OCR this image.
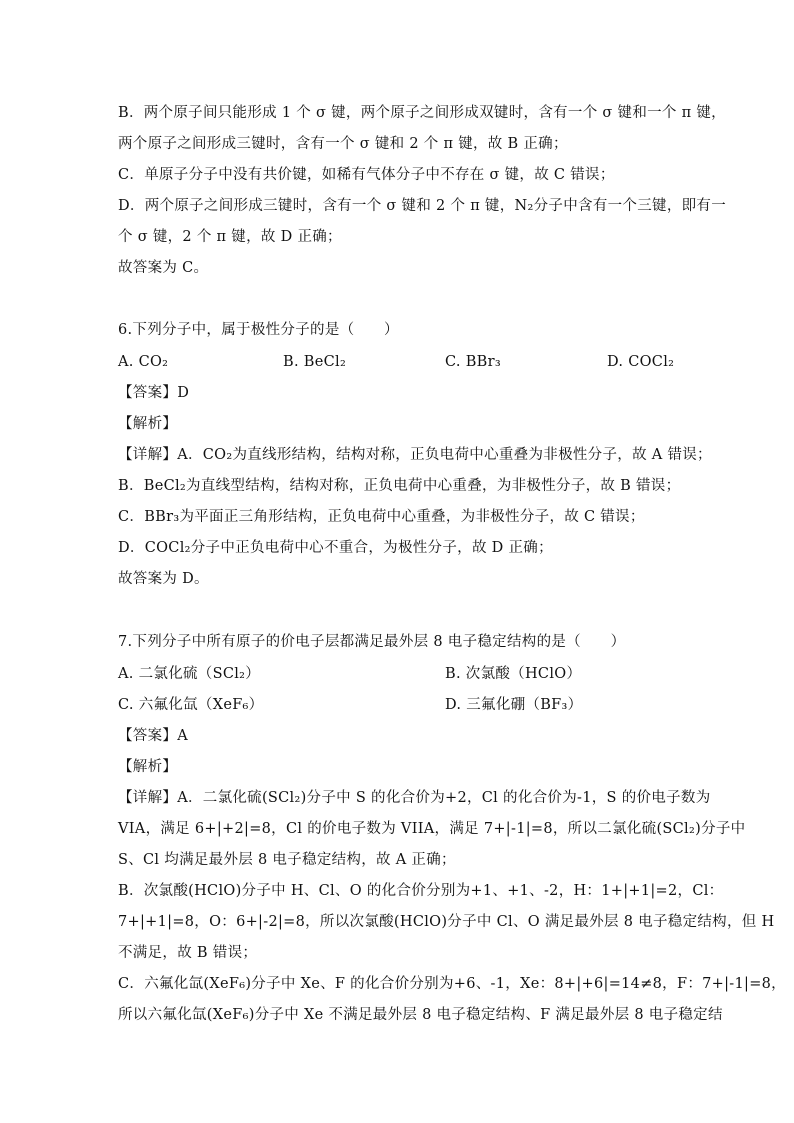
B．两个原子间只能形成 1 个 σ 键，两个原子之间形成双键时，含有一个 σ 键和一个 π 键，
两个原子之间形成三键时，含有一个 σ 键和 2 个 π 键，故 B 正确；
C．单原子分子中没有共价键，如稀有气体分子中不存在 σ 键，故 C 错误；
D．两个原子之间形成三键时，含有一个 σ 键和 2 个 π 键，N₂分子中含有一个三键，即有一
个 σ 键，2 个 π 键，故 D 正确；
故答案为 C。
6.下列分子中，属于极性分子的是（　　）
A. CO₂	B. BeCl₂	C. BBr₃	D. COCl₂
【答案】D
【解析】
【详解】A．CO₂为直线形结构，结构对称，正负电荷中心重叠为非极性分子，故 A 错误；
B．BeCl₂为直线型结构，结构对称，正负电荷中心重叠，为非极性分子，故 B 错误；
C．BBr₃为平面正三角形结构，正负电荷中心重叠，为非极性分子，故 C 错误；
D．COCl₂分子中正负电荷中心不重合，为极性分子，故 D 正确；
故答案为 D。
7.下列分子中所有原子的价电子层都满足最外层 8 电子稳定结构的是（　　）
A. 二氯化硫（SCl₂）	B. 次氯酸（HClO）
C. 六氟化氙（XeF₆）	D. 三氟化硼（BF₃）
【答案】A
【解析】
【详解】A．二氯化硫(SCl₂)分子中 S 的化合价为+2，Cl 的化合价为-1，S 的价电子数为
VIA，满足 6+|+2|=8，Cl 的价电子数为 VIIA，满足 7+|-1|=8，所以二氯化硫(SCl₂)分子中
S、Cl 均满足最外层 8 电子稳定结构，故 A 正确；
B．次氯酸(HClO)分子中 H、Cl、O 的化合价分别为+1、+1、-2，H：1+|+1|=2，Cl：
7+|+1|=8，O：6+|-2|=8，所以次氯酸(HClO)分子中 Cl、O 满足最外层 8 电子稳定结构，但 H
不满足，故 B 错误；
C．六氟化氙(XeF₆)分子中 Xe、F 的化合价分别为+6、-1，Xe：8+|+6|=14≠8，F：7+|-1|=8，
所以六氟化氙(XeF₆)分子中 Xe 不满足最外层 8 电子稳定结构、F 满足最外层 8 电子稳定结
